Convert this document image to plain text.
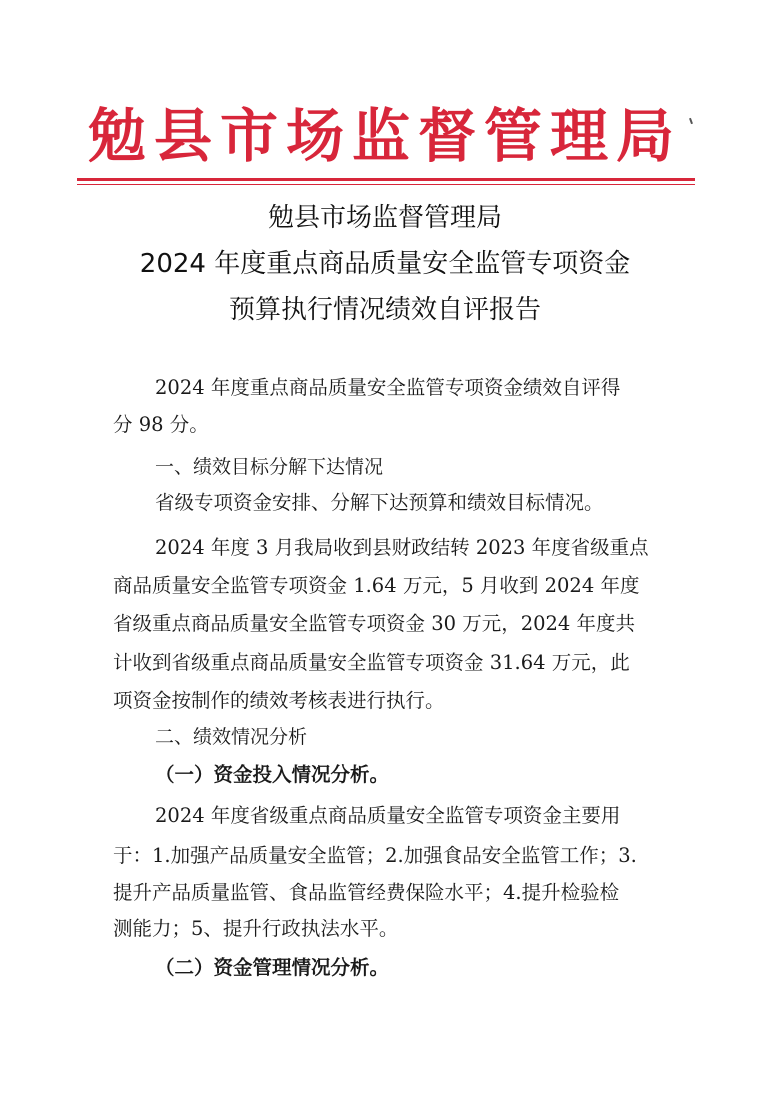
勉县市场监督管理局
勉县市场监督管理局
2024 年度重点商品质量安全监管专项资金
预算执行情况绩效自评报告
2024 年度重点商品质量安全监管专项资金绩效自评得
分 98 分。
一、绩效目标分解下达情况
省级专项资金安排、分解下达预算和绩效目标情况。
2024 年度 3 月我局收到县财政结转 2023 年度省级重点
商品质量安全监管专项资金 1.64 万元，5 月收到 2024 年度
省级重点商品质量安全监管专项资金 30 万元，2024 年度共
计收到省级重点商品质量安全监管专项资金 31.64 万元，此
项资金按制作的绩效考核表进行执行。
二、绩效情况分析
（一）资金投入情况分析。
2024 年度省级重点商品质量安全监管专项资金主要用
于：1.加强产品质量安全监管；2.加强食品安全监管工作；3.
提升产品质量监管、食品监管经费保险水平；4.提升检验检
测能力；5、提升行政执法水平。
（二）资金管理情况分析。
